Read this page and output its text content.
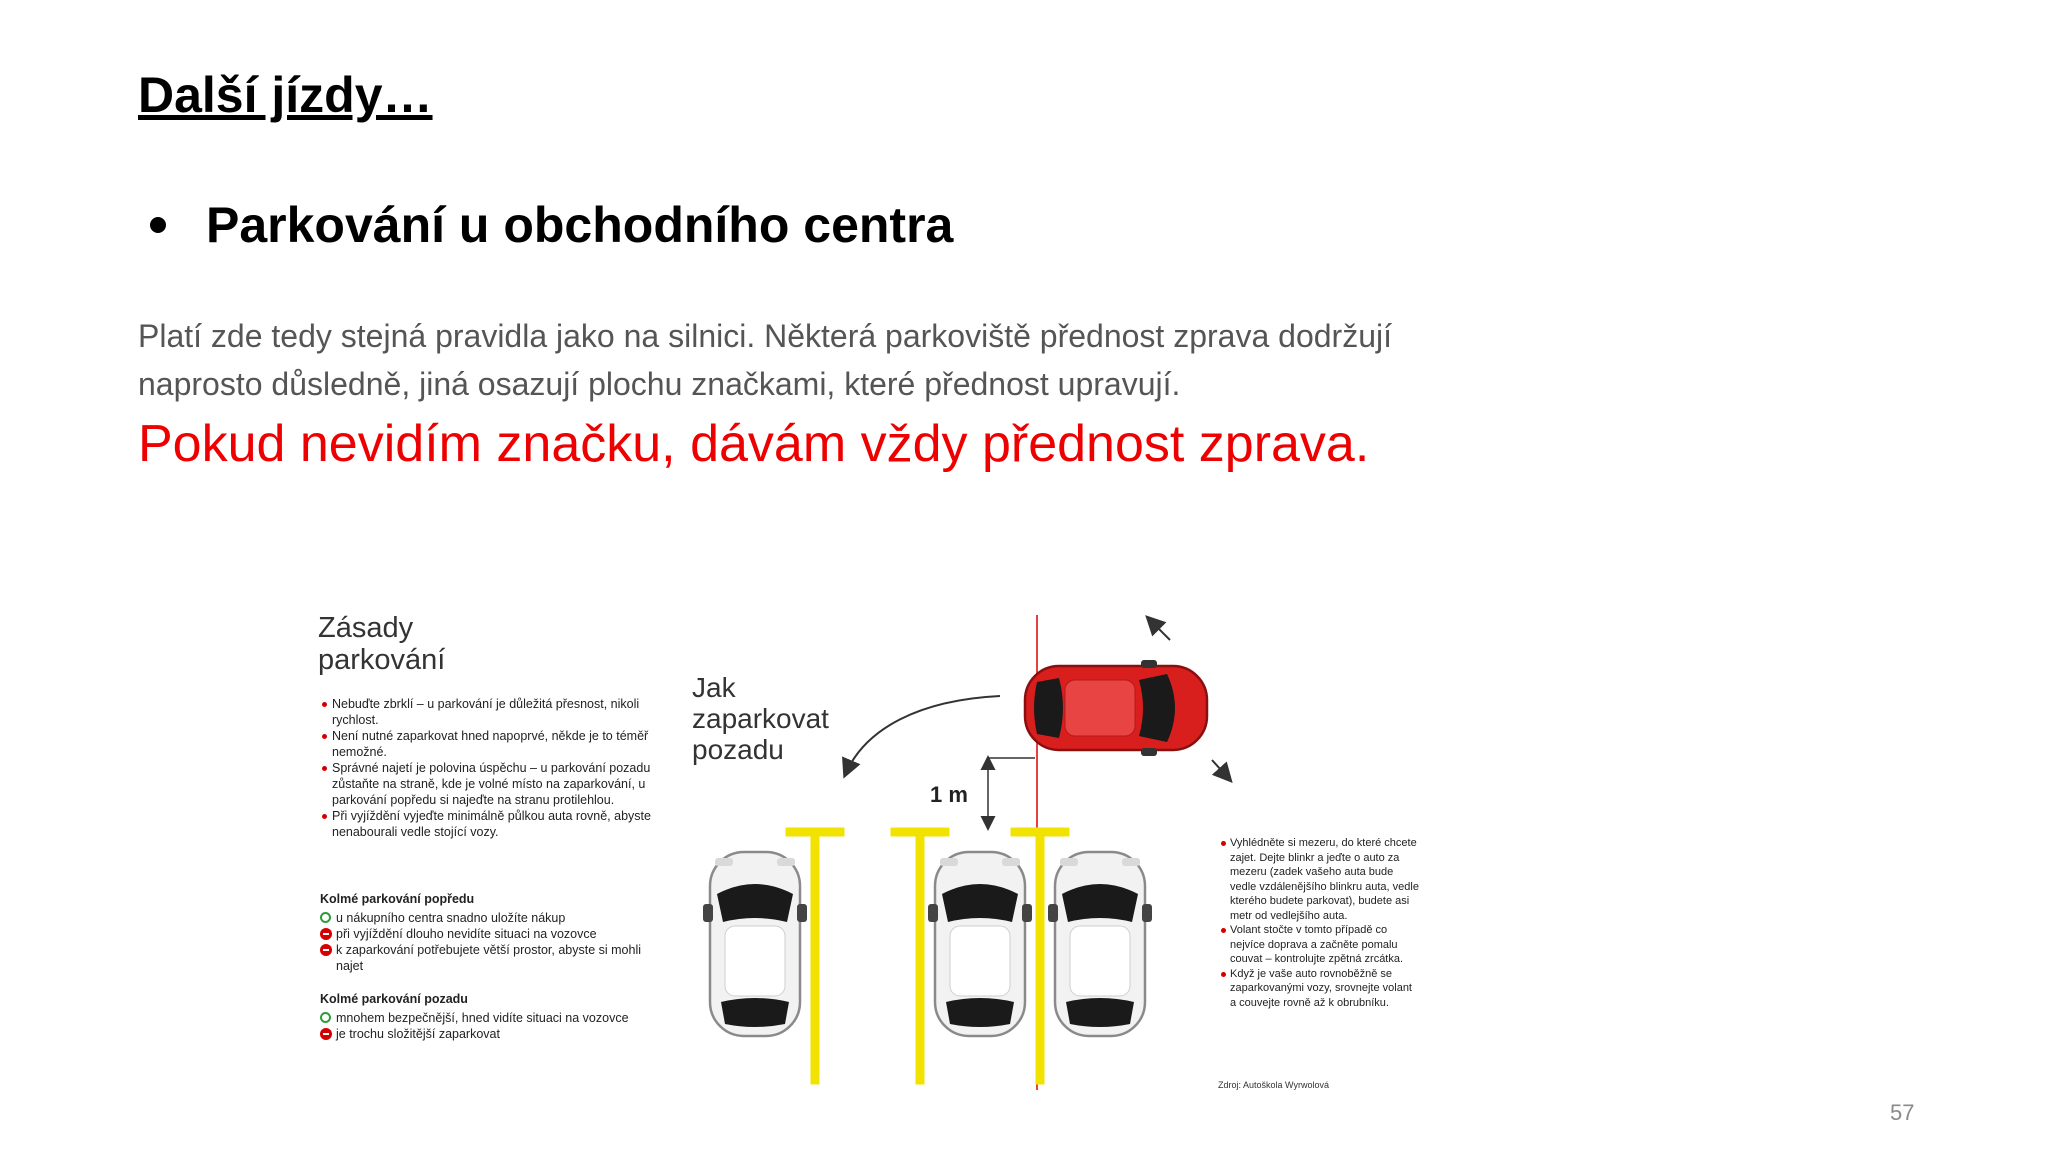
Další jízdy…
Parkování u obchodního centra

Platí zde tedy stejná pravidla jako na silnici. Některá parkoviště přednost zprava dodržují
naprosto důsledně, jiná osazují plochu značkami, které přednost upravují.

Pokud nevidím značku, dávám vždy přednost zprava.

Zásady
parkování
Nebuďte zbrklí – u parkování je důležitá přesnost, nikoli rychlost.
Není nutné zaparkovat hned napoprvé, někde je to téměř nemožné.
Správné najetí je polovina úspěchu – u parkování pozadu zůstaňte na straně, kde je volné místo na zaparkování, u parkování popředu si najeďte na stranu protilehlou.
Při vyjíždění vyjeďte minimálně půlkou auta rovně, abyste nenabourali vedle stojící vozy.
Kolmé parkování popředu
u nákupního centra snadno uložíte nákup
při vyjíždění dlouho nevidíte situaci na vozovce
k zaparkování potřebujete větší prostor, abyste si mohli najet
Kolmé parkování pozadu
mnohem bezpečnější, hned vidíte situaci na vozovce
je trochu složitější zaparkovat
Jak
zaparkovat
pozadu
1 m
Vyhlédněte si mezeru, do které chcete zajet. Dejte blinkr a jeďte o auto za mezeru (zadek vašeho auta bude vedle vzdálenějšího blinkru auta, vedle kterého budete parkovat), budete asi metr od vedlejšího auta.
Volant stočte v tomto případě co nejvíce doprava a začněte pomalu couvat – kontrolujte zpětná zrcátka.
Když je vaše auto rovnoběžně se zaparkovanými vozy, srovnejte volant a couvejte rovně až k obrubníku.
Zdroj: Autoškola Wyrwolová
57
